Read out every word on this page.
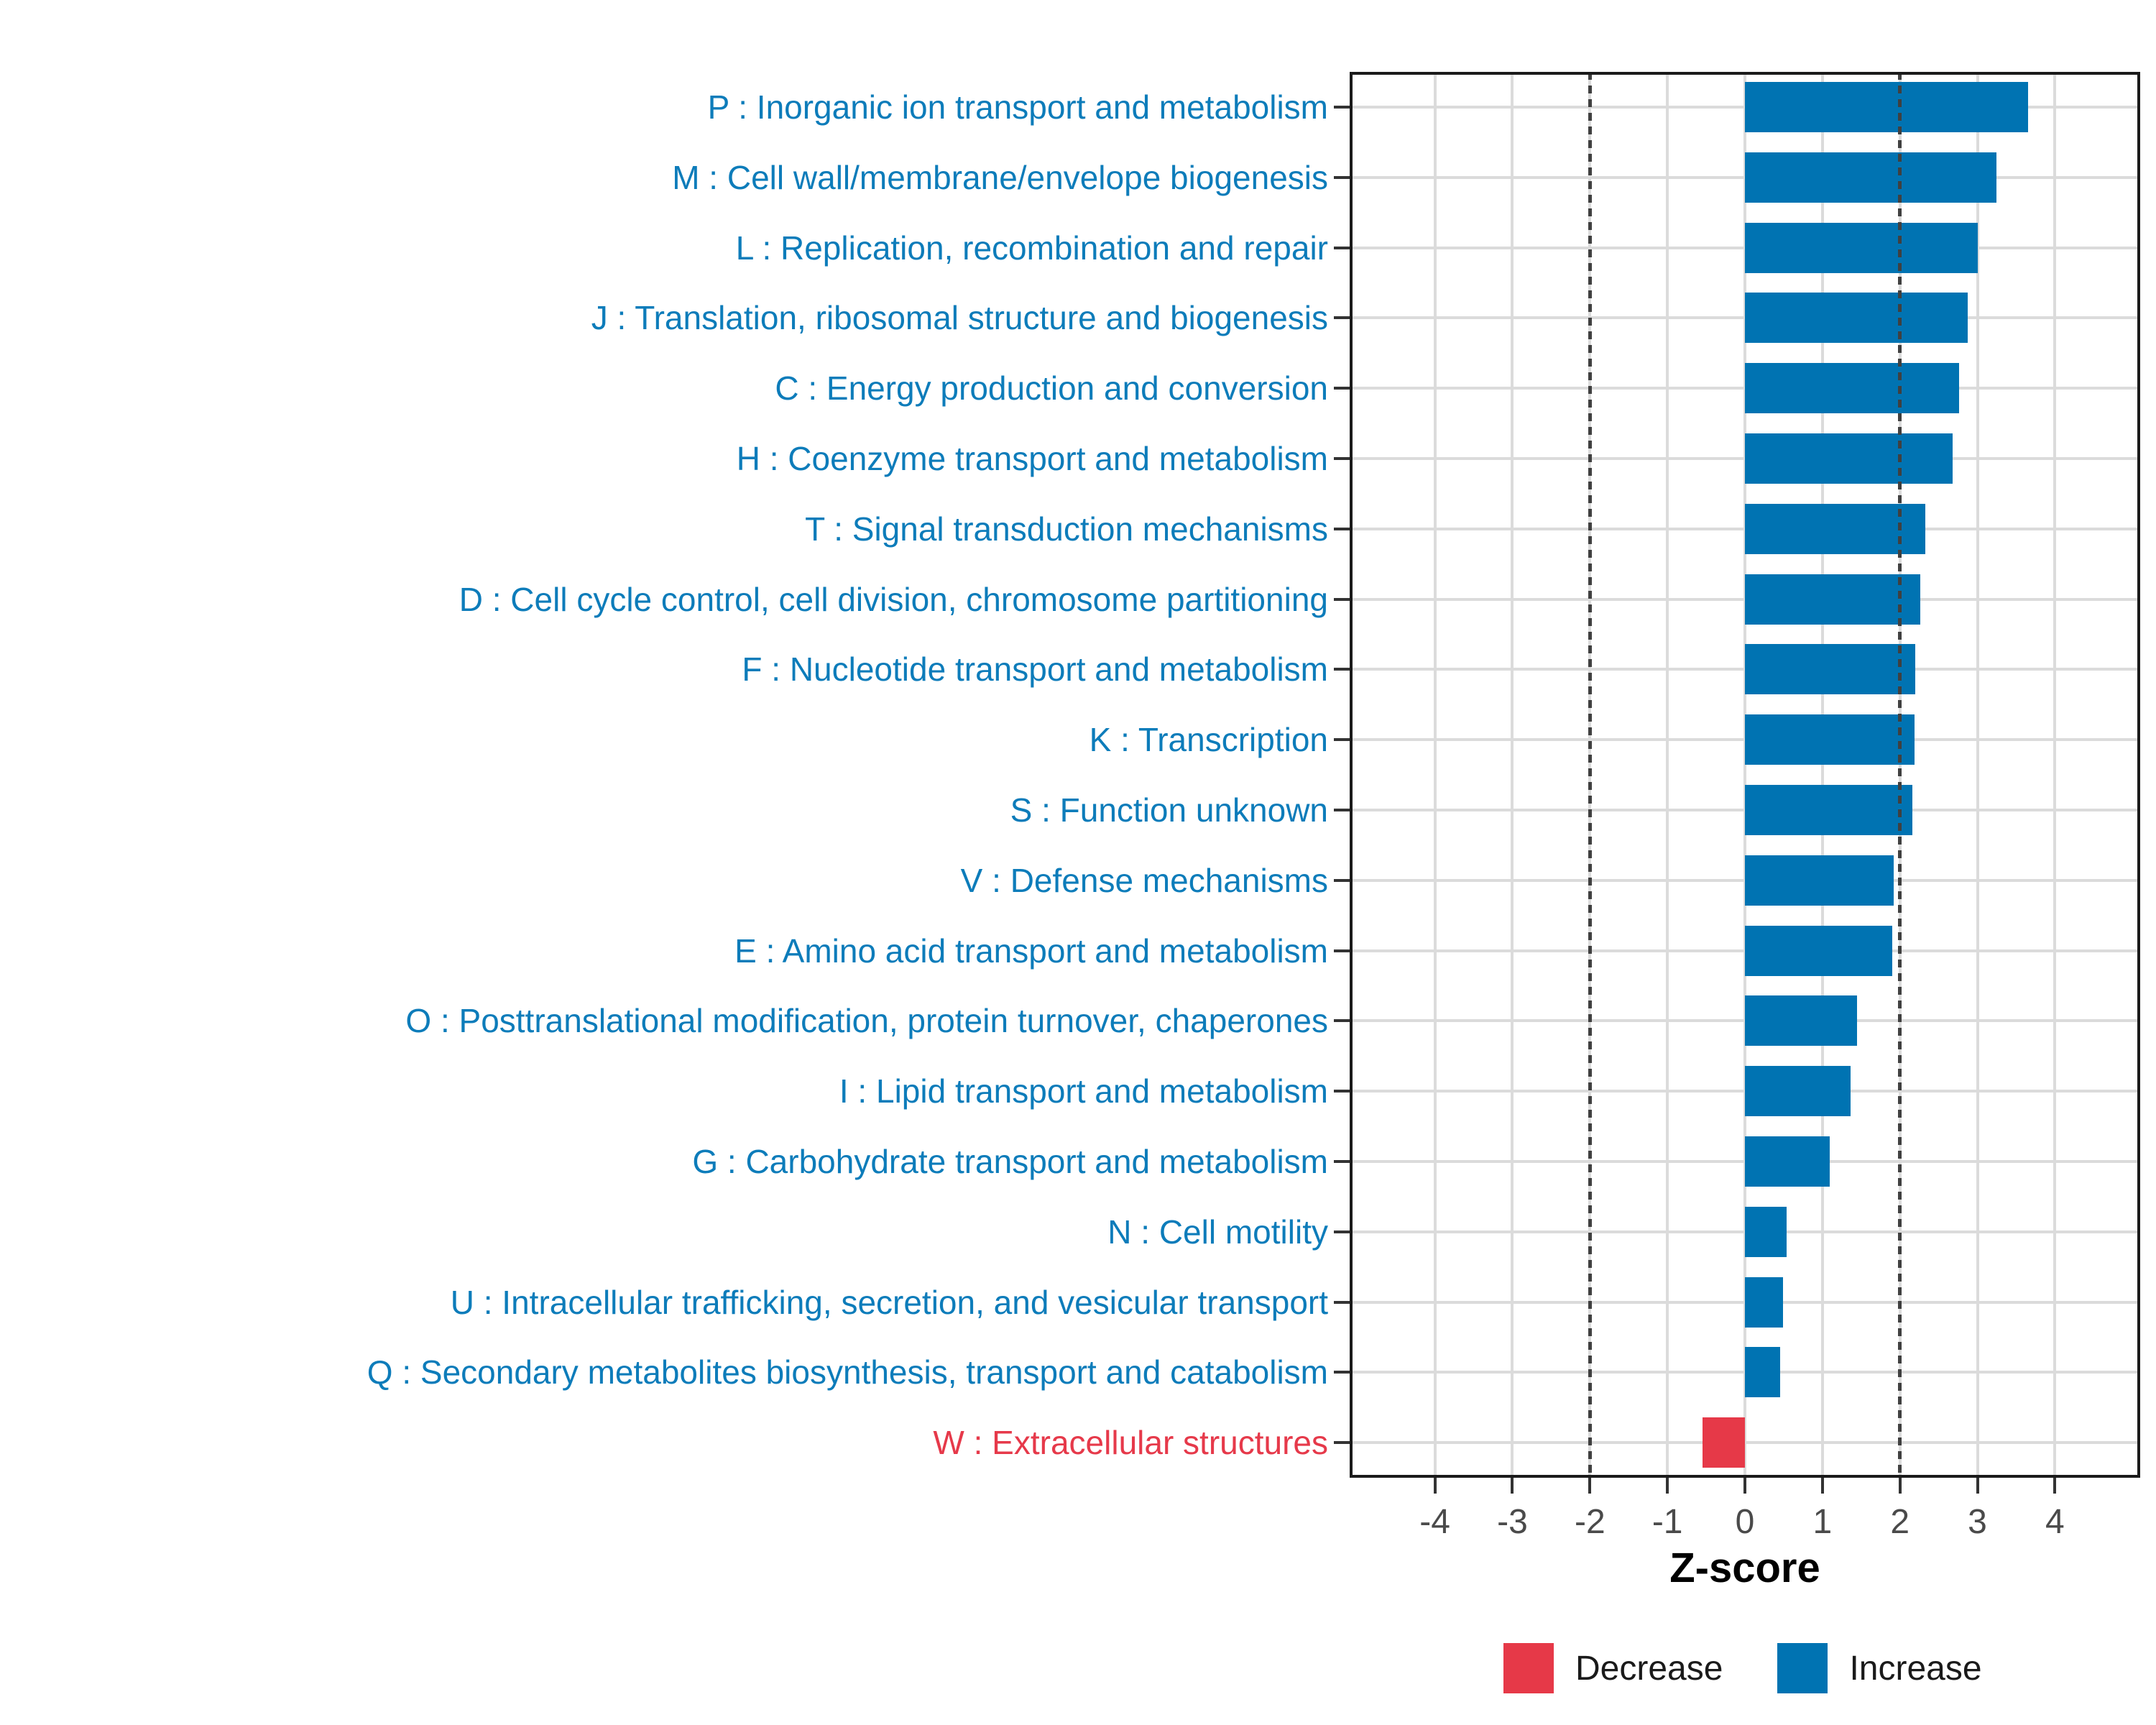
P : Inorganic ion transport and metabolism
M : Cell wall/membrane/envelope biogenesis
L : Replication, recombination and repair
J : Translation, ribosomal structure and biogenesis
C : Energy production and conversion
H : Coenzyme transport and metabolism
T : Signal transduction mechanisms
D : Cell cycle control, cell division, chromosome partitioning
F : Nucleotide transport and metabolism
K : Transcription
S : Function unknown
V : Defense mechanisms
E : Amino acid transport and metabolism
O : Posttranslational modification, protein turnover, chaperones
I : Lipid transport and metabolism
G : Carbohydrate transport and metabolism
N : Cell motility
U : Intracellular trafficking, secretion, and vesicular transport
Q : Secondary metabolites biosynthesis, transport and catabolism
W : Extracellular structures
-4 -3 -2 -1 0 1 2 3 4
Z-score
Decrease	Increase
